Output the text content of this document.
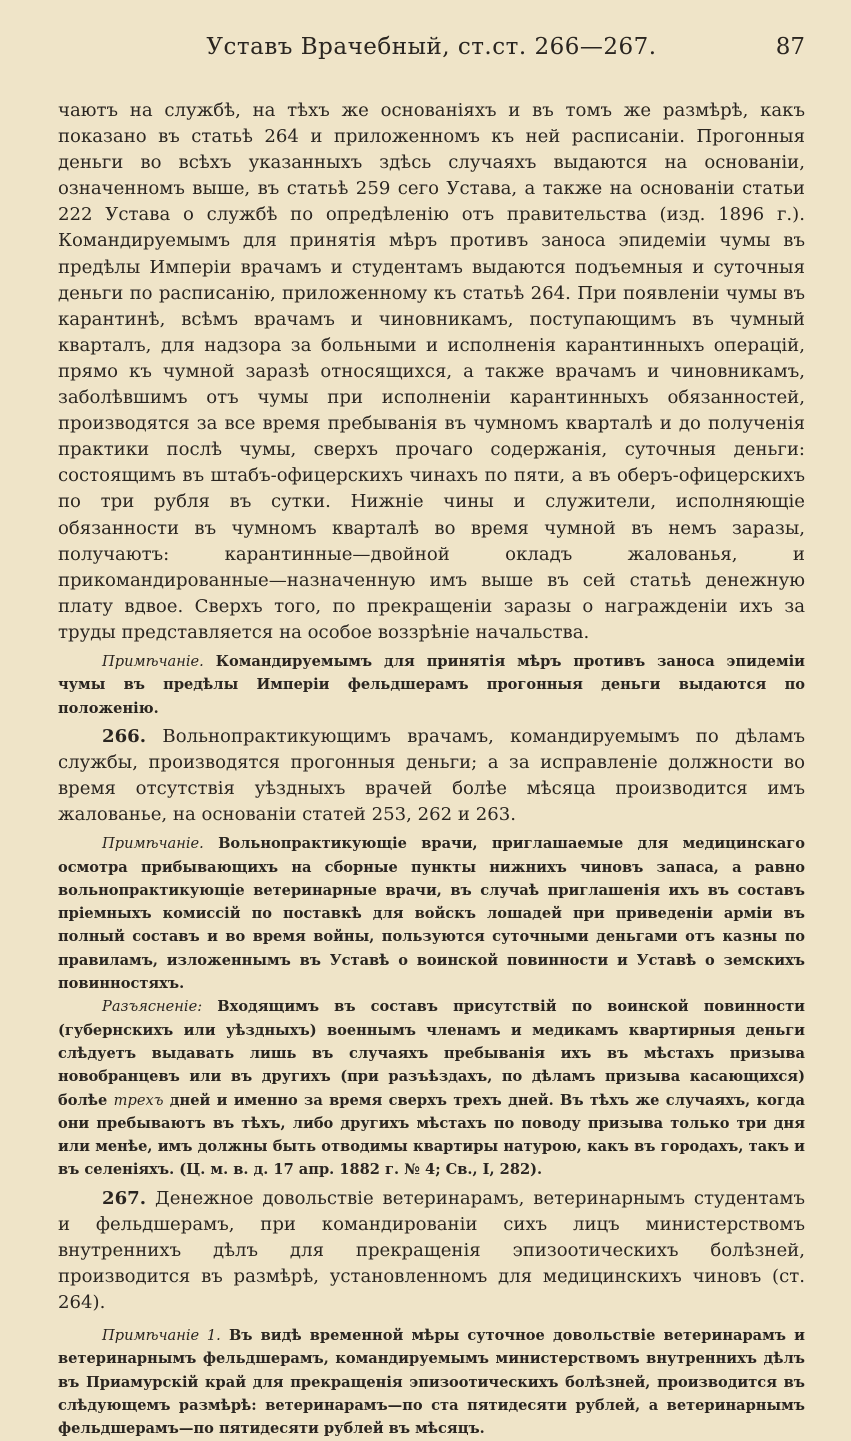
Уставъ Врачебный, ст.ст. 266—267.	87

чаютъ на службѣ, на тѣхъ же основаніяхъ и въ томъ же размѣрѣ, какъ показано въ статьѣ 264 и приложенномъ къ ней расписаніи. Прогонныя деньги во всѣхъ указанныхъ здѣсь случаяхъ выдаются на основаніи, означенномъ выше, въ статьѣ 259 сего Устава, а также на основаніи статьи 222 Устава о службѣ по опредѣленію отъ правительства (изд. 1896 г.). Командируемымъ для принятія мѣръ противъ заноса эпидеміи чумы въ предѣлы Имперіи врачамъ и студентамъ выдаются подъемныя и суточныя деньги по расписанію, приложенному къ статьѣ 264. При появленіи чумы въ карантинѣ, всѣмъ врачамъ и чиновникамъ, поступающимъ въ чумный кварталъ, для надзора за больными и исполненія карантинныхъ операцій, прямо къ чумной заразѣ относящихся, а также врачамъ и чиновникамъ, заболѣвшимъ отъ чумы при исполненіи карантинныхъ обязанностей, производятся за все время пребыванія въ чумномъ кварталѣ и до полученія практики послѣ чумы, сверхъ прочаго содержанія, суточныя деньги: состоящимъ въ штабъ-офицерскихъ чинахъ по пяти, а въ оберъ-офицерскихъ по три рубля въ сутки. Нижніе чины и служители, исполняющіе обязанности въ чумномъ кварталѣ во время чумной въ немъ заразы, получаютъ: карантинные—двойной окладъ жалованья, и прикомандированные—назначенную имъ выше въ сей статьѣ денежную плату вдвое. Сверхъ того, по прекращеніи заразы о награжденіи ихъ за труды представляется на особое воззрѣніе начальства.

Примѣчаніе. Командируемымъ для принятія мѣръ противъ заноса эпидеміи чумы въ предѣлы Имперіи фельдшерамъ прогонныя деньги выдаются по положенію.

266. Вольнопрактикующимъ врачамъ, командируемымъ по дѣламъ службы, производятся прогонныя деньги; а за исправленіе должности во время отсутствія уѣздныхъ врачей болѣе мѣсяца производится имъ жалованье, на основаніи статей 253, 262 и 263.

Примѣчаніе. Вольнопрактикующіе врачи, приглашаемые для медицинскаго осмотра прибывающихъ на сборные пункты нижнихъ чиновъ запаса, а равно вольнопрактикующіе ветеринарные врачи, въ случаѣ приглашенія ихъ въ составъ пріемныхъ комиссій по поставкѣ для войскъ лошадей при приведеніи арміи въ полный составъ и во время войны, пользуются суточными деньгами отъ казны по правиламъ, изложеннымъ въ Уставѣ о воинской повинности и Уставѣ о земскихъ повинностяхъ.

Разъясненіе: Входящимъ въ составъ присутствій по воинской повинности (губернскихъ или уѣздныхъ) военнымъ членамъ и медикамъ квартирныя деньги слѣдуетъ выдавать лишь въ случаяхъ пребыванія ихъ въ мѣстахъ призыва новобранцевъ или въ другихъ (при разъѣздахъ, по дѣламъ призыва касающихся) болѣе трехъ дней и именно за время сверхъ трехъ дней. Въ тѣхъ же случаяхъ, когда они пребываютъ въ тѣхъ, либо другихъ мѣстахъ по поводу призыва только три дня или менѣе, имъ должны быть отводимы квартиры натурою, какъ въ городахъ, такъ и въ селеніяхъ. (Ц. м. в. д. 17 апр. 1882 г. № 4; Св., I, 282).

267. Денежное довольствіе ветеринарамъ, ветеринарнымъ студентамъ и фельдшерамъ, при командированіи сихъ лицъ министерствомъ внутреннихъ дѣлъ для прекращенія эпизоотическихъ болѣзней, производится въ размѣрѣ, установленномъ для медицинскихъ чиновъ (ст. 264).

Примѣчаніе 1. Въ видѣ временной мѣры суточное довольствіе ветеринарамъ и ветеринарнымъ фельдшерамъ, командируемымъ министерствомъ внутреннихъ дѣлъ въ Приамурскій край для прекращенія эпизоотическихъ болѣзней, производится въ слѣдующемъ размѣрѣ: ветеринарамъ—по ста пятидесяти рублей, а ветеринарнымъ фельдшерамъ—по пятидесяти рублей въ мѣсяцъ.
